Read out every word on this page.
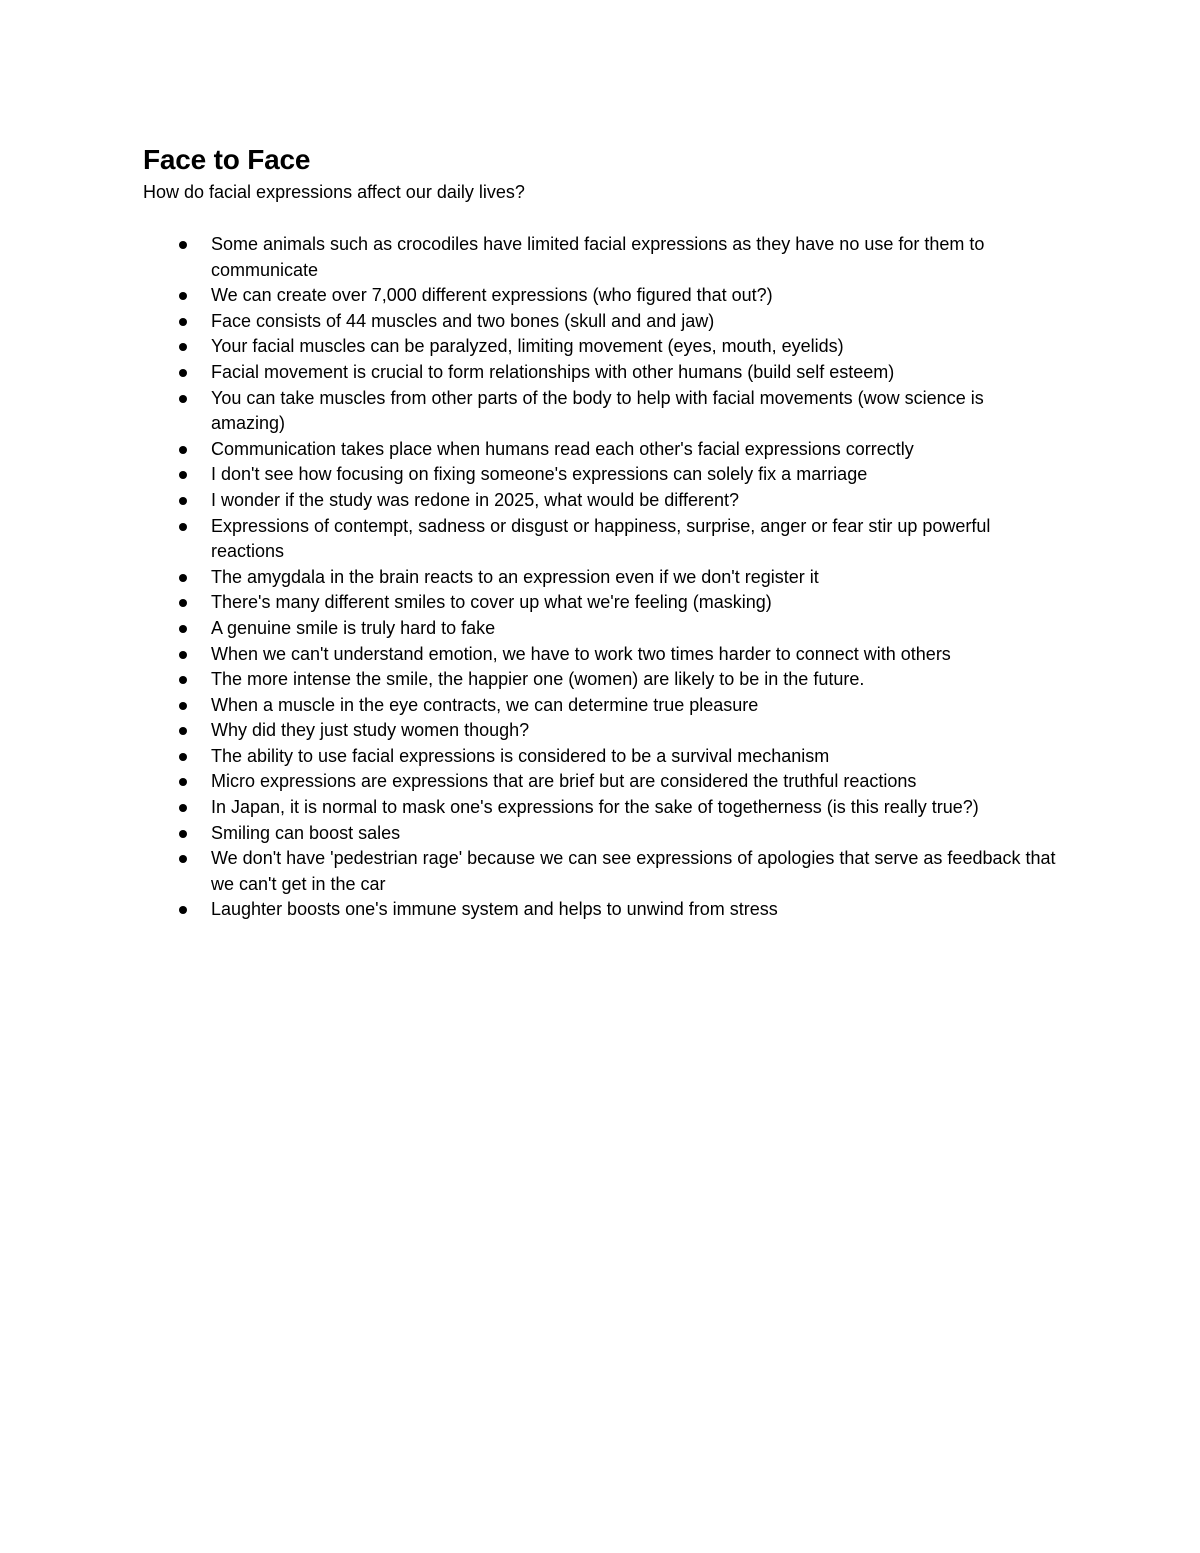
Face to Face

How do facial expressions affect our daily lives?

Some animals such as crocodiles have limited facial expressions as they have no use for them to communicate
We can create over 7,000 different expressions (who figured that out?)
Face consists of 44 muscles and two bones (skull and and jaw)
Your facial muscles can be paralyzed, limiting movement (eyes, mouth, eyelids)
Facial movement is crucial to form relationships with other humans (build self esteem)
You can take muscles from other parts of the body to help with facial movements (wow science is amazing)
Communication takes place when humans read each other's facial expressions correctly
I don't see how focusing on fixing someone's expressions can solely fix a marriage
I wonder if the study was redone in 2025, what would be different?
Expressions of contempt, sadness or disgust or happiness, surprise, anger or fear stir up powerful reactions
The amygdala in the brain reacts to an expression even if we don't register it
There's many different smiles to cover up what we're feeling (masking)
A genuine smile is truly hard to fake
When we can't understand emotion, we have to work two times harder to connect with others
The more intense the smile, the happier one (women) are likely to be in the future.
When a muscle in the eye contracts, we can determine true pleasure
Why did they just study women though?
The ability to use facial expressions is considered to be a survival mechanism
Micro expressions are expressions that are brief but are considered the truthful reactions
In Japan, it is normal to mask one's expressions for the sake of togetherness (is this really true?)
Smiling can boost sales
We don't have 'pedestrian rage' because we can see expressions of apologies that serve as feedback that we can't get in the car
Laughter boosts one's immune system and helps to unwind from stress
